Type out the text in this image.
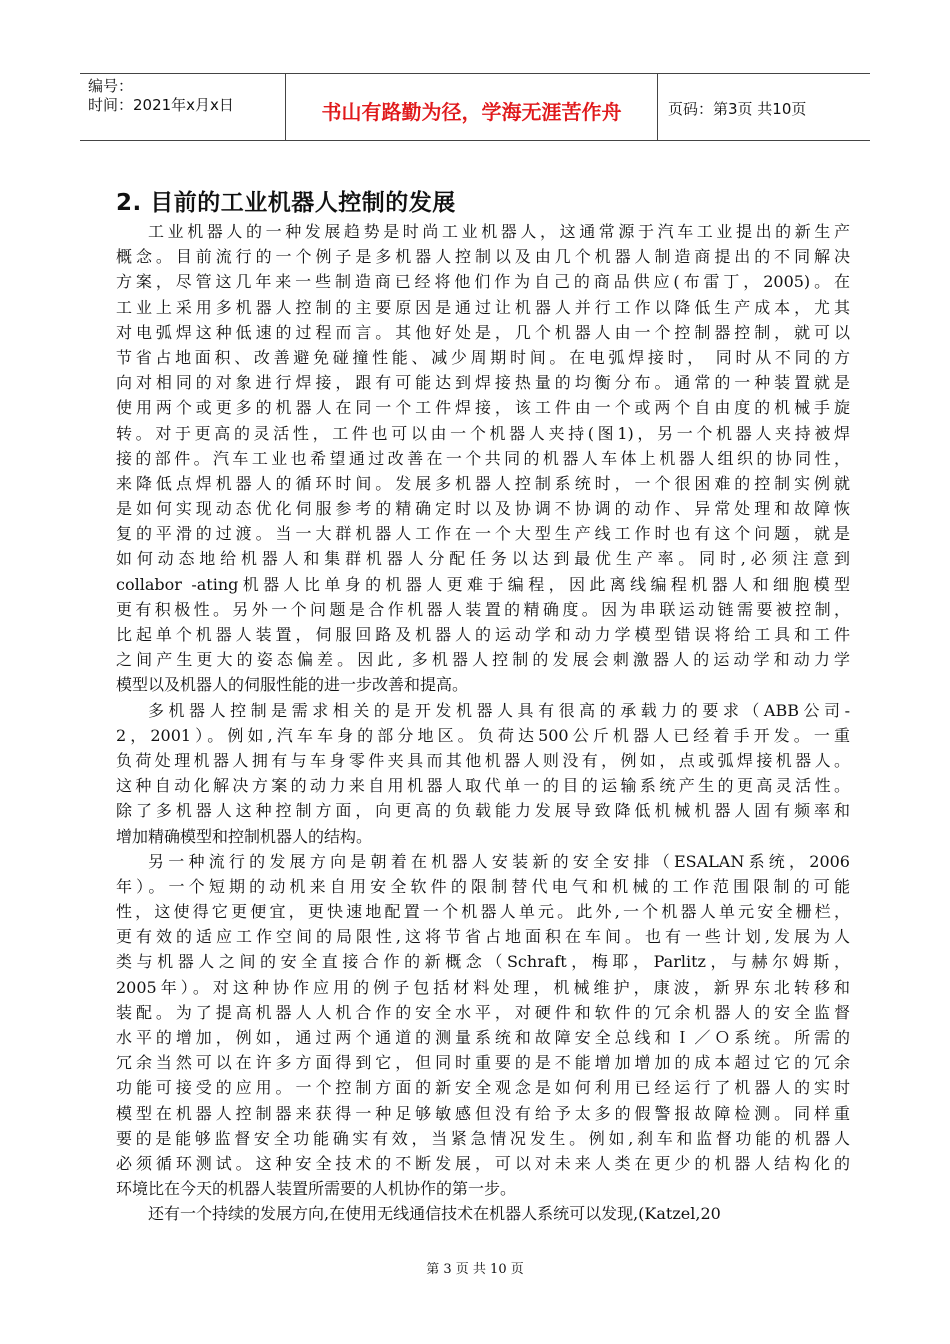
编号：
时间：2021年x月x日	书山有路勤为径，学海无涯苦作舟	页码：第3页 共10页
2. 目前的工业机器人控制的发展
工业机器人的一种发展趋势是时尚工业机器人，这通常源于汽车工业提出的新生产
概念。目前流行的一个例子是多机器人控制以及由几个机器人制造商提出的不同解决
方案，尽管这几年来一些制造商已经将他们作为自己的商品供应(布雷丁，2005)。在
工业上采用多机器人控制的主要原因是通过让机器人并行工作以降低生产成本，尤其
对电弧焊这种低速的过程而言。其他好处是，几个机器人由一个控制器控制，就可以
节省占地面积、改善避免碰撞性能、减少周期时间。在电弧焊接时， 同时从不同的方
向对相同的对象进行焊接，跟有可能达到焊接热量的均衡分布。通常的一种装置就是
使用两个或更多的机器人在同一个工件焊接，该工件由一个或两个自由度的机械手旋
转。对于更高的灵活性，工件也可以由一个机器人夹持(图1)，另一个机器人夹持被焊
接的部件。汽车工业也希望通过改善在一个共同的机器人车体上机器人组织的协同性，
来降低点焊机器人的循环时间。发展多机器人控制系统时，一个很困难的控制实例就
是如何实现动态优化伺服参考的精确定时以及协调不协调的动作、异常处理和故障恢
复的平滑的过渡。当一大群机器人工作在一个大型生产线工作时也有这个问题，就是
如何动态地给机器人和集群机器人分配任务以达到最优生产率。同时,必须注意到
collabor -ating机器人比单身的机器人更难于编程，因此离线编程机器人和细胞模型
更有积极性。另外一个问题是合作机器人装置的精确度。因为串联运动链需要被控制，
比起单个机器人装置，伺服回路及机器人的运动学和动力学模型错误将给工具和工件
之间产生更大的姿态偏差。因此, 多机器人控制的发展会刺激器人的运动学和动力学
模型以及机器人的伺服性能的进一步改善和提高。
多机器人控制是需求相关的是开发机器人具有很高的承载力的要求（ABB公司-
2，2001）。例如,汽车车身的部分地区。负荷达500公斤机器人已经着手开发。一重
负荷处理机器人拥有与车身零件夹具而其他机器人则没有，例如，点或弧焊接机器人。
这种自动化解决方案的动力来自用机器人取代单一的目的运输系统产生的更高灵活性。
除了多机器人这种控制方面，向更高的负载能力发展导致降低机械机器人固有频率和
增加精确模型和控制机器人的结构。
另一种流行的发展方向是朝着在机器人安装新的安全安排（ESALAN系统，2006
年）。一个短期的动机来自用安全软件的限制替代电气和机械的工作范围限制的可能
性，这使得它更便宜，更快速地配置一个机器人单元。此外,一个机器人单元安全栅栏，
更有效的适应工作空间的局限性,这将节省占地面积在车间。也有一些计划,发展为人
类与机器人之间的安全直接合作的新概念（Schraft，梅耶，Parlitz，与赫尔姆斯，
2005年）。对这种协作应用的例子包括材料处理，机械维护，康波，新界东北转移和
装配。为了提高机器人人机合作的安全水平，对硬件和软件的冗余机器人的安全监督
水平的增加，例如，通过两个通道的测量系统和故障安全总线和Ｉ／Ｏ系统。所需的
冗余当然可以在许多方面得到它，但同时重要的是不能增加增加的成本超过它的冗余
功能可接受的应用。一个控制方面的新安全观念是如何利用已经运行了机器人的实时
模型在机器人控制器来获得一种足够敏感但没有给予太多的假警报故障检测。同样重
要的是能够监督安全功能确实有效，当紧急情况发生。例如,刹车和监督功能的机器人
必须循环测试。这种安全技术的不断发展，可以对未来人类在更少的机器人结构化的
环境比在今天的机器人装置所需要的人机协作的第一步。
还有一个持续的发展方向,在使用无线通信技术在机器人系统可以发现,(Katzel,20
第 3 页 共 10 页
